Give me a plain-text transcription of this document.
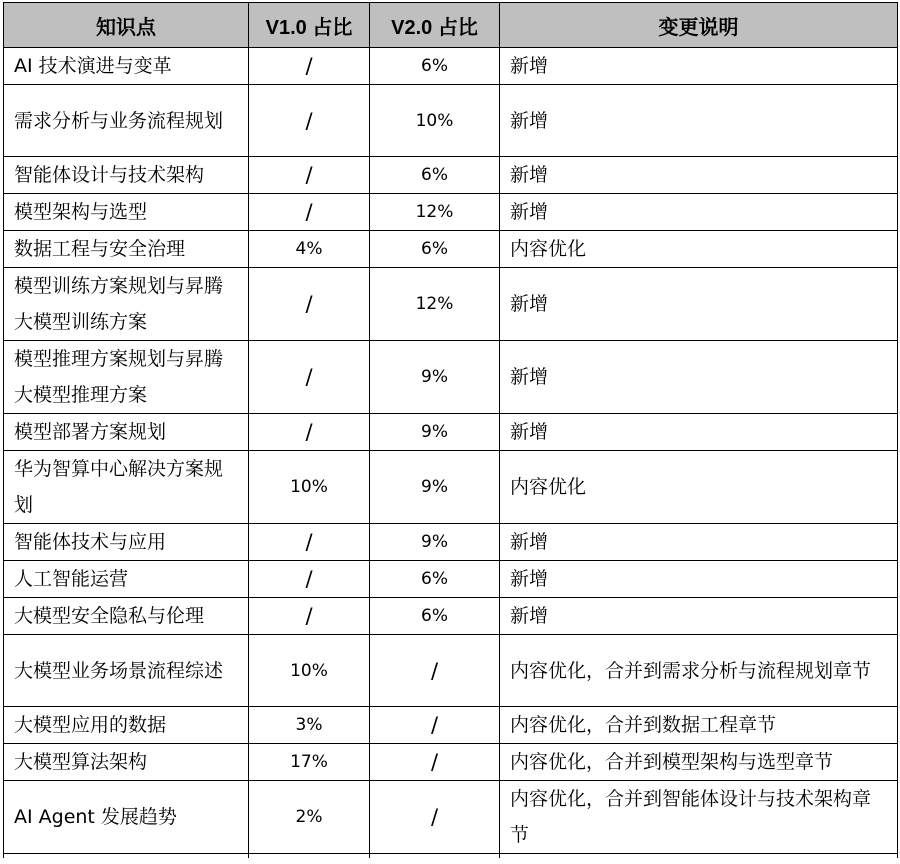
知识点	V1.0 占比	V2.0 占比	变更说明
AI 技术演进与变革	/	6%	新增
需求分析与业务流程规划	/	10%	新增
智能体设计与技术架构	/	6%	新增
模型架构与选型	/	12%	新增
数据工程与安全治理	4%	6%	内容优化
模型训练方案规划与昇腾大模型训练方案	/	12%	新增
模型推理方案规划与昇腾大模型推理方案	/	9%	新增
模型部署方案规划	/	9%	新增
华为智算中心解决方案规划	10%	9%	内容优化
智能体技术与应用	/	9%	新增
人工智能运营	/	6%	新增
大模型安全隐私与伦理	/	6%	新增
大模型业务场景流程综述	10%	/	内容优化，合并到需求分析与流程规划章节
大模型应用的数据	3%	/	内容优化，合并到数据工程章节
大模型算法架构	17%	/	内容优化，合并到模型架构与选型章节
AI Agent 发展趋势	2%	/	内容优化，合并到智能体设计与技术架构章节
